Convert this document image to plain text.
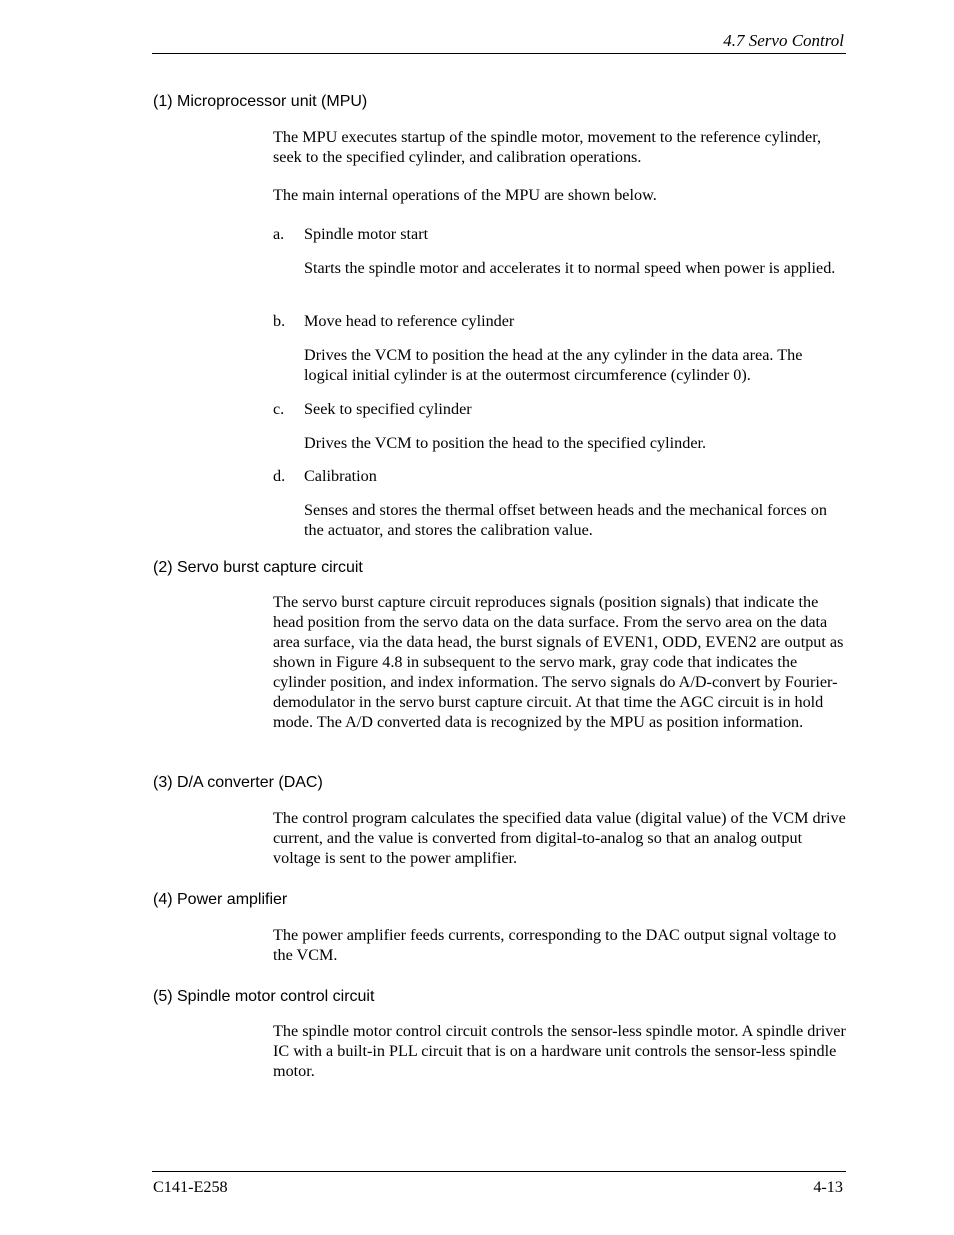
4.7 Servo Control
(1) Microprocessor unit (MPU)

The MPU executes startup of the spindle motor, movement to the reference cylinder, seek to the specified cylinder, and calibration operations.

The main internal operations of the MPU are shown below.

a. Spindle motor start

Starts the spindle motor and accelerates it to normal speed when power is applied.

b. Move head to reference cylinder

Drives the VCM to position the head at the any cylinder in the data area. The logical initial cylinder is at the outermost circumference (cylinder 0).

c. Seek to specified cylinder

Drives the VCM to position the head to the specified cylinder.

d. Calibration

Senses and stores the thermal offset between heads and the mechanical forces on the actuator, and stores the calibration value.

(2) Servo burst capture circuit

The servo burst capture circuit reproduces signals (position signals) that indicate the head position from the servo data on the data surface. From the servo area on the data area surface, via the data head, the burst signals of EVEN1, ODD, EVEN2 are output as shown in Figure 4.8 in subsequent to the servo mark, gray code that indicates the cylinder position, and index information. The servo signals do A/D-convert by Fourier-demodulator in the servo burst capture circuit. At that time the AGC circuit is in hold mode. The A/D converted data is recognized by the MPU as position information.

(3) D/A converter (DAC)

The control program calculates the specified data value (digital value) of the VCM drive current, and the value is converted from digital-to-analog so that an analog output voltage is sent to the power amplifier.

(4) Power amplifier

The power amplifier feeds currents, corresponding to the DAC output signal voltage to the VCM.

(5) Spindle motor control circuit

The spindle motor control circuit controls the sensor-less spindle motor. A spindle driver IC with a built-in PLL circuit that is on a hardware unit controls the sensor-less spindle motor.

C141-E258	4-13
